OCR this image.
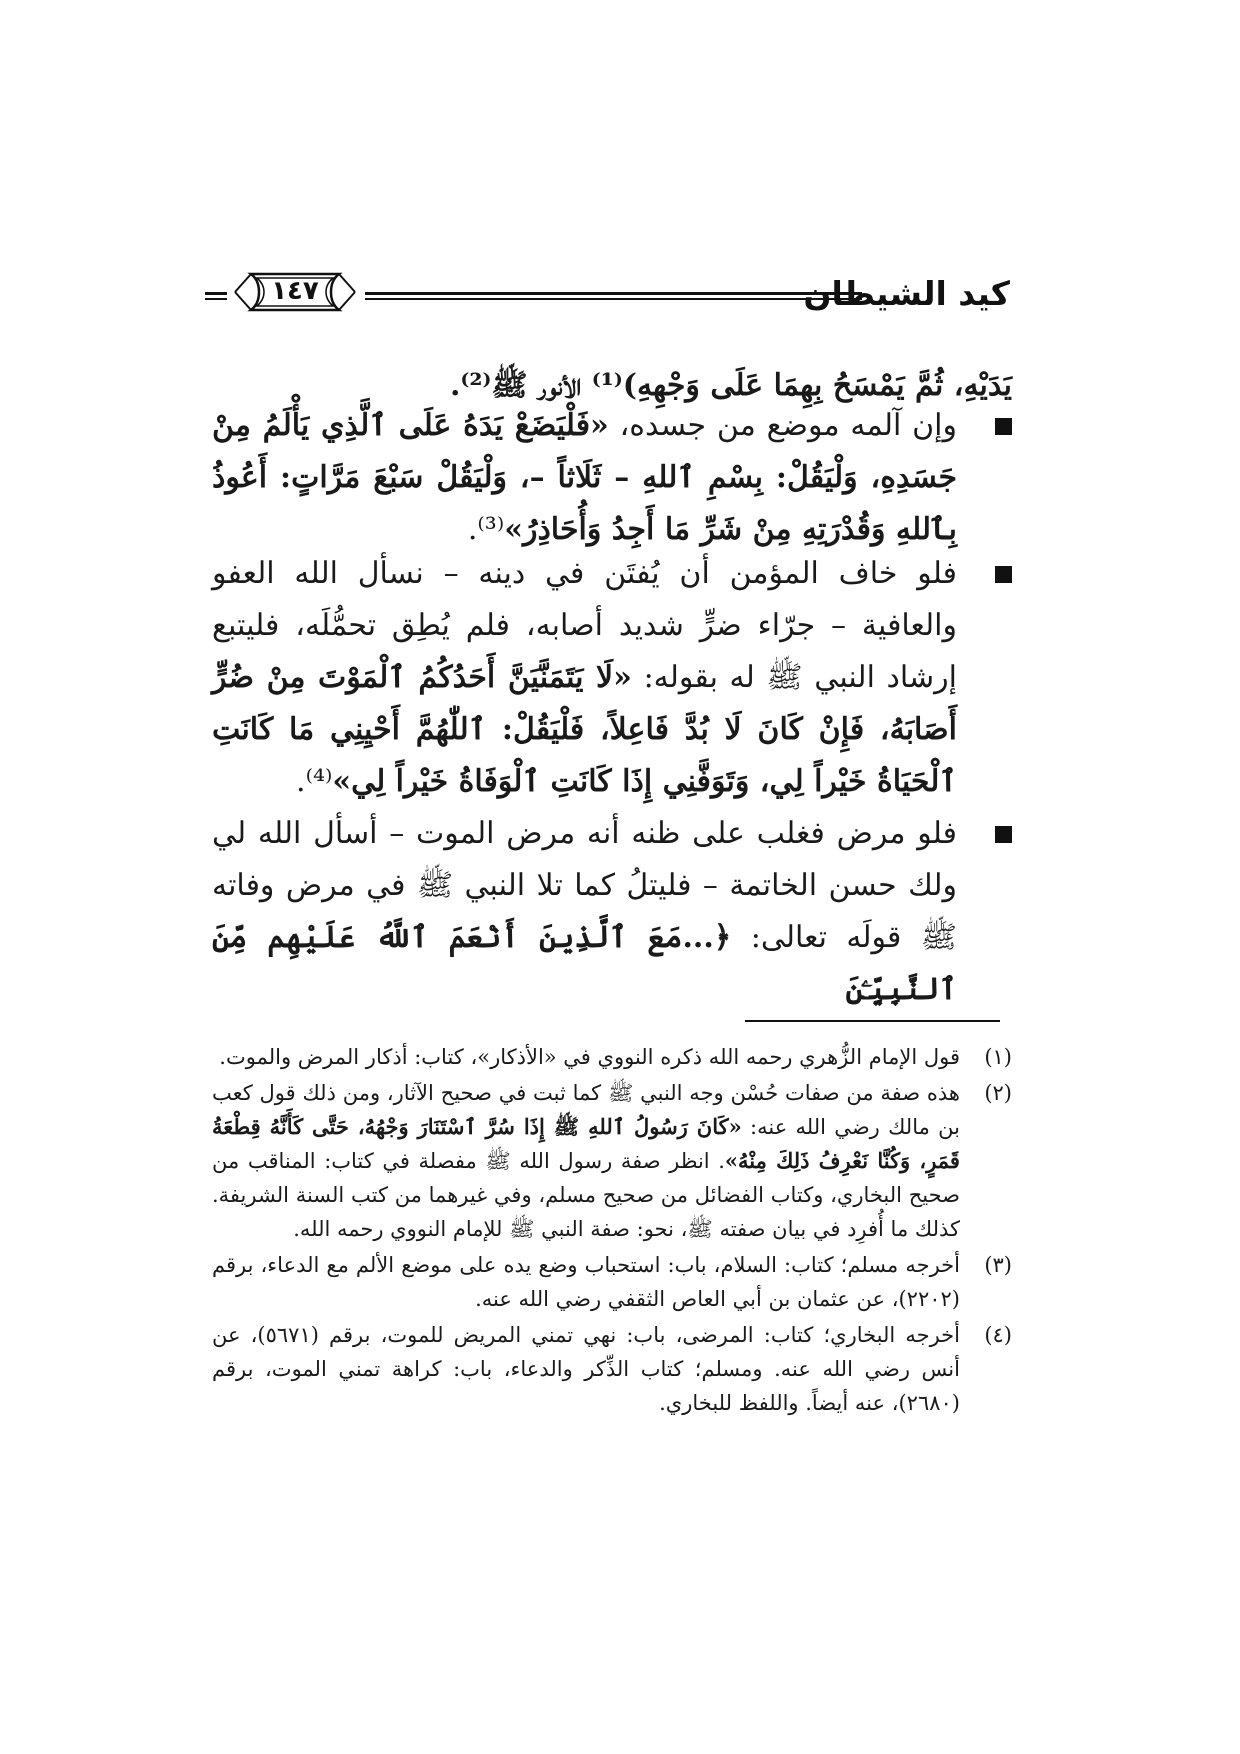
كيد الشيطان
١٤٧

يَدَيْهِ، ثُمَّ يَمْسَحُ بِهِمَا عَلَى وَجْهِهِ)⁽¹⁾ الأنور ﷺ⁽²⁾.

وإن آلمه موضع من جسده، «فَلْيَضَعْ يَدَهُ عَلَى ٱلَّذِي يَأْلَمُ مِنْ جَسَدِهِ، وَلْيَقُلْ: بِسْمِ ٱللهِ – ثَلَاثاً –، وَلْيَقُلْ سَبْعَ مَرَّاتٍ: أَعُوذُ بِٱللهِ وَقُدْرَتِهِ مِنْ شَرِّ مَا أَجِدُ وَأُحَاذِرُ»⁽³⁾.

فلو خاف المؤمن أن يُفتَن في دينه – نسأل الله العفو والعافية – جرّاء ضرٍّ شديد أصابه، فلم يُطِق تحمُّلَه، فليتبع إرشاد النبي ﷺ له بقوله: «لَا يَتَمَنَّيَنَّ أَحَدُكُمُ ٱلْمَوْتَ مِنْ ضُرٍّ أَصَابَهُ، فَإِنْ كَانَ لَا بُدَّ فَاعِلاً، فَلْيَقُلْ: ٱللّٰهُمَّ أَحْيِنِي مَا كَانَتِ ٱلْحَيَاةُ خَيْراً لِي، وَتَوَفَّنِي إِذَا كَانَتِ ٱلْوَفَاةُ خَيْراً لِي»⁽⁴⁾.

فلو مرض فغلب على ظنه أنه مرض الموت – أسأل الله لي ولك حسن الخاتمة – فليتلُ كما تلا النبي ﷺ في مرض وفاته ﷺ قولَه تعالى: ﴿...مَعَ ٱلَّذِينَ أَنْعَمَ ٱللَّهُ عَلَيْهِم مِّنَ ٱلنَّبِيِّـۧنَ

(١)
قول الإمام الزُّهري رحمه الله ذكره النووي في «الأذكار»، كتاب: أذكار المرض والموت.
(٢)
هذه صفة من صفات حُسْن وجه النبي ﷺ كما ثبت في صحيح الآثار، ومن ذلك قول كعب بن مالك رضي الله عنه: «كَانَ رَسُولُ ٱللهِ ﷺ إِذَا سُرَّ ٱسْتَنَارَ وَجْهُهُ، حَتَّى كَأَنَّهُ قِطْعَةُ قَمَرٍ، وَكُنَّا نَعْرِفُ ذَلِكَ مِنْهُ». انظر صفة رسول الله ﷺ مفصلة في كتاب: المناقب من صحيح البخاري، وكتاب الفضائل من صحيح مسلم، وفي غيرهما من كتب السنة الشريفة. كذلك ما أُفرِد في بيان صفته ﷺ، نحو: صفة النبي ﷺ للإمام النووي رحمه الله.
(٣)
أخرجه مسلم؛ كتاب: السلام، باب: استحباب وضع يده على موضع الألم مع الدعاء، برقم (٢٢٠٢)، عن عثمان بن أبي العاص الثقفي رضي الله عنه.
(٤)
أخرجه البخاري؛ كتاب: المرضى، باب: نهي تمني المريض للموت، برقم (٥٦٧١)، عن أنس رضي الله عنه. ومسلم؛ كتاب الذِّكر والدعاء، باب: كراهة تمني الموت، برقم (٢٦٨٠)، عنه أيضاً. واللفظ للبخاري.
